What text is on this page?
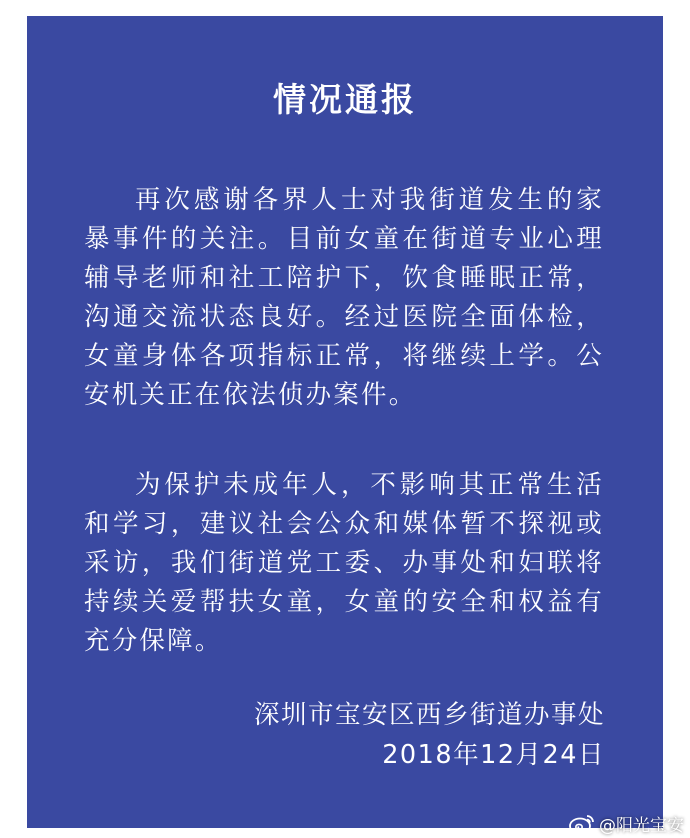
情况通报
再次感谢各界人士对我街道发生的家暴事件的关注。目前女童在街道专业心理辅导老师和社工陪护下，饮食睡眠正常，沟通交流状态良好。经过医院全面体检，女童身体各项指标正常，将继续上学。公安机关正在依法侦办案件。
为保护未成年人，不影响其正常生活和学习，建议社会公众和媒体暂不探视或采访，我们街道党工委、办事处和妇联将持续关爱帮扶女童，女童的安全和权益有充分保障。
深圳市宝安区西乡街道办事处
2018年12月24日
@阳光宝安
